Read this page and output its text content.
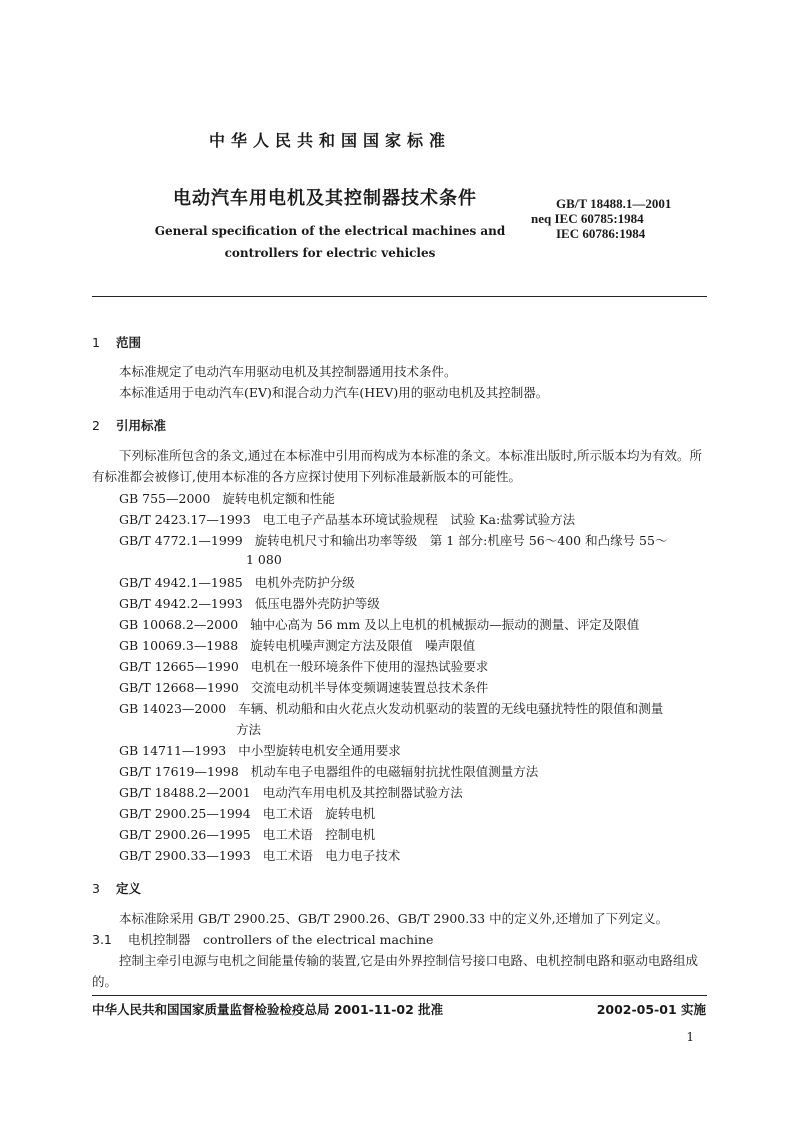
中华人民共和国国家标准
电动汽车用电机及其控制器技术条件	GB/T 18488.1—2001
neq IEC 60785:1984
IEC 60786:1984
General specification of the electrical machines and
controllers for electric vehicles
1 范围
本标准规定了电动汽车用驱动电机及其控制器通用技术条件。
本标准适用于电动汽车(EV)和混合动力汽车(HEV)用的驱动电机及其控制器。
2 引用标准
下列标准所包含的条文,通过在本标准中引用而构成为本标准的条文。本标准出版时,所示版本均为有效。所有标准都会被修订,使用本标准的各方应探讨使用下列标准最新版本的可能性。
GB 755—2000 旋转电机定额和性能
GB/T 2423.17—1993 电工电子产品基本环境试验规程　试验 Ka:盐雾试验方法
GB/T 4772.1—1999 旋转电机尺寸和输出功率等级　第 1 部分:机座号 56～400 和凸缘号 55～
1 080
GB/T 4942.1—1985 电机外壳防护分级
GB/T 4942.2—1993 低压电器外壳防护等级
GB 10068.2—2000 轴中心高为 56 mm 及以上电机的机械振动—振动的测量、评定及限值
GB 10069.3—1988 旋转电机噪声测定方法及限值　噪声限值
GB/T 12665—1990 电机在一般环境条件下使用的湿热试验要求
GB/T 12668—1990 交流电动机半导体变频调速装置总技术条件
GB 14023—2000 车辆、机动船和由火花点火发动机驱动的装置的无线电骚扰特性的限值和测量
方法
GB 14711—1993 中小型旋转电机安全通用要求
GB/T 17619—1998 机动车电子电器组件的电磁辐射抗扰性限值测量方法
GB/T 18488.2—2001 电动汽车用电机及其控制器试验方法
GB/T 2900.25—1994 电工术语　旋转电机
GB/T 2900.26—1995 电工术语　控制电机
GB/T 2900.33—1993 电工术语　电力电子技术
3 定义
本标准除采用 GB/T 2900.25、GB/T 2900.26、GB/T 2900.33 中的定义外,还增加了下列定义。
3.1 电机控制器　controllers of the electrical machine
控制主牵引电源与电机之间能量传输的装置,它是由外界控制信号接口电路、电机控制电路和驱动电路组成的。
中华人民共和国国家质量监督检验检疫总局 2001-11-02 批准	2002-05-01 实施
1
